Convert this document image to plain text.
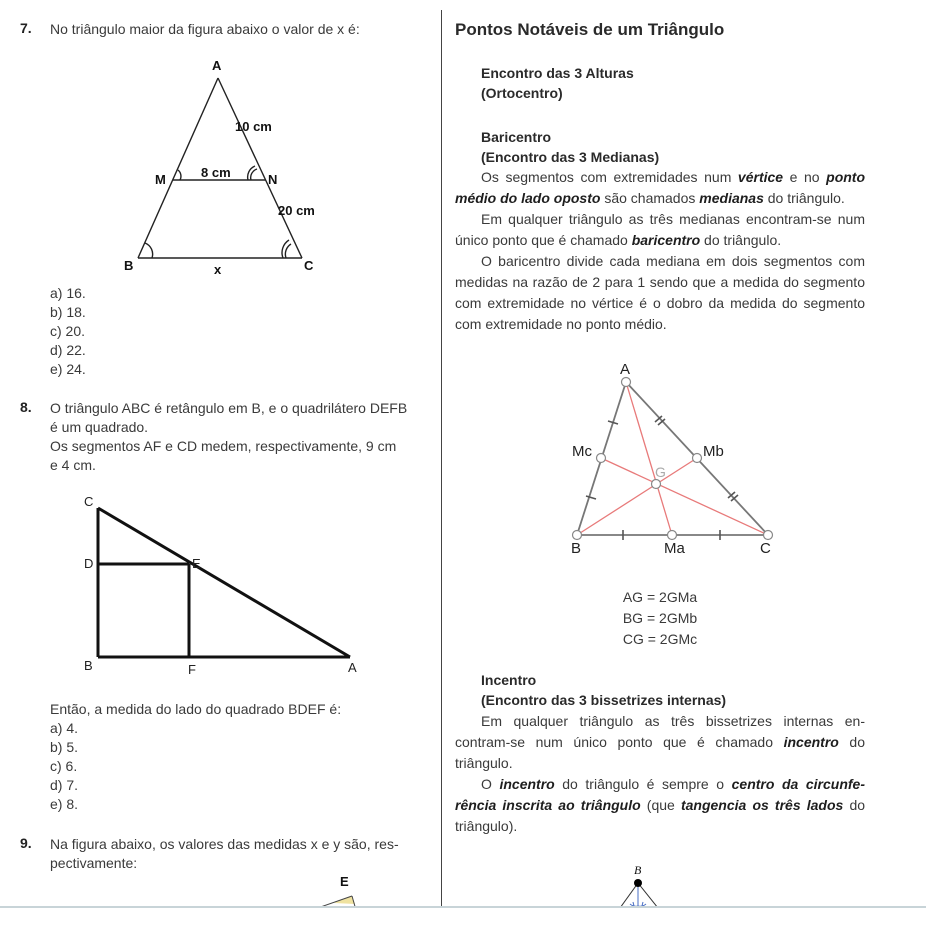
7. No triângulo maior da figura abaixo o valor de x é:
A
M	N
B	C
x
10 cm
8 cm
20 cm
a) 16.
b) 18.
c) 20.
d) 22.
e) 24.
8. O triângulo ABC é retângulo em B, e o quadrilátero DEFB
é um quadrado.
Os segmentos AF e CD medem, respectivamente, 9 cm
e 4 cm.
C
D	E
B	F	A
Então, a medida do lado do quadrado BDEF é:
a) 4.
b) 5.
c) 6.
d) 7.
e) 8.
9. Na figura abaixo, os valores das medidas x e y são, res-
pectivamente:
E
Pontos Notáveis de um Triângulo
Encontro das 3 Alturas
(Ortocentro)
Baricentro
(Encontro das 3 Medianas)
Os segmentos com extremidades num vértice e no ponto médio do lado oposto são chamados medianas do triângulo.
Em qualquer triângulo as três medianas encontram-se num único ponto que é chamado baricentro do triângulo.
O baricentro divide cada mediana em dois segmentos com medidas na razão de 2 para 1 sendo que a medida do segmento com extremidade no vértice é o dobro da medida do segmento com extremidade no ponto médio.
A
B	C
Ma
Mb
Mc
G
AG = 2GMa
BG = 2GMb
CG = 2GMc
Incentro
(Encontro das 3 bissetrizes internas)
Em qualquer triângulo as três bissetrizes internas en-contram-se num único ponto que é chamado incentro do triângulo.
O incentro do triângulo é sempre o centro da circunfe-rência inscrita ao triângulo (que tangencia os três lados do triângulo).
B
